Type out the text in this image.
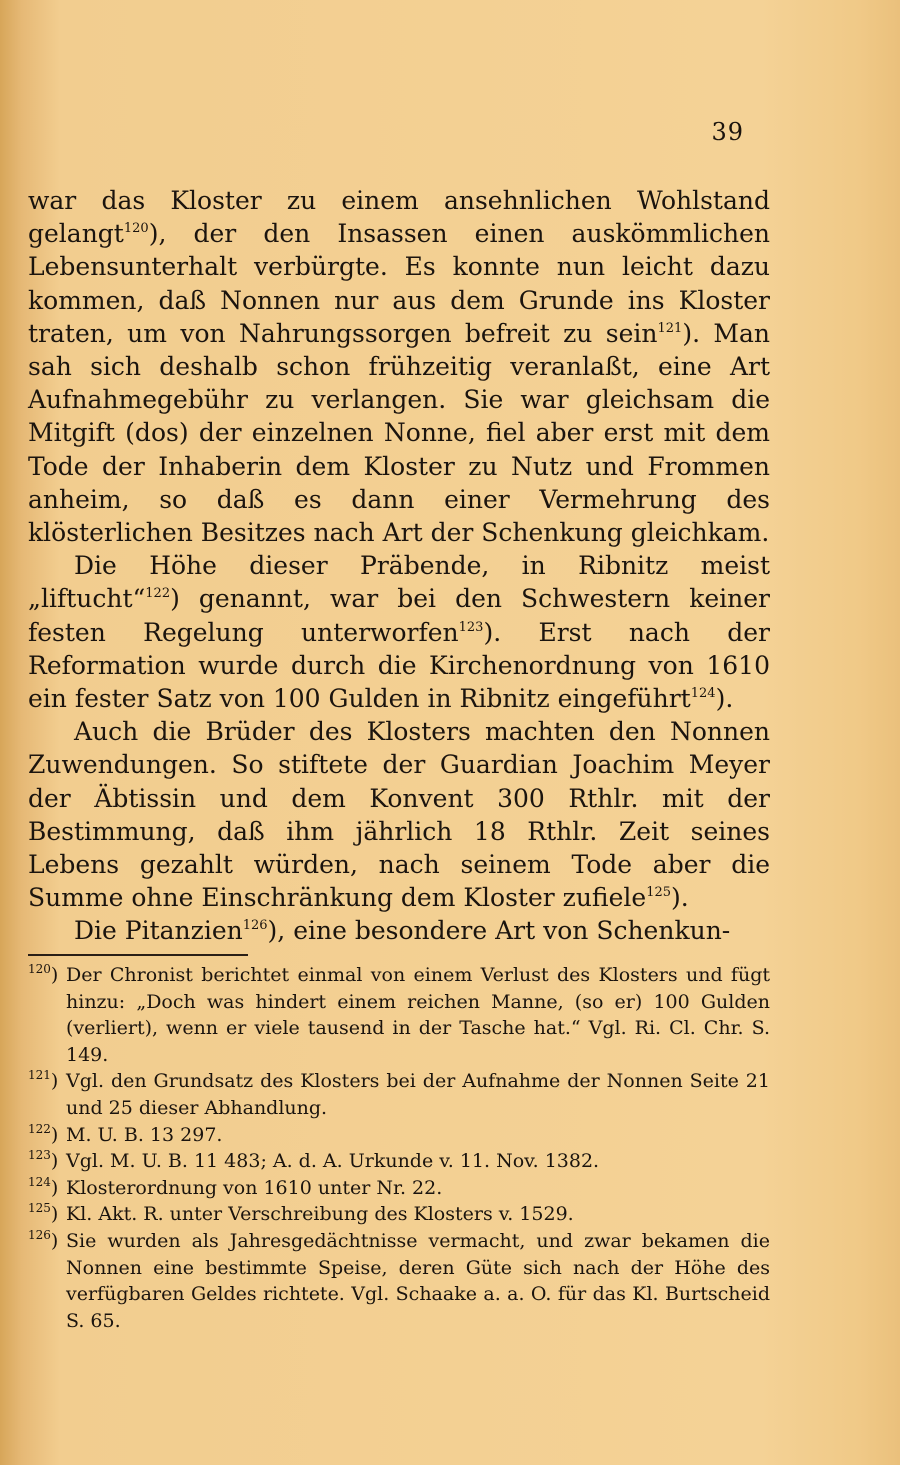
39

war das Kloster zu einem ansehnlichen Wohlstand gelangt$^{120}$), der den Insassen einen auskömmlichen Lebensunterhalt verbürgte. Es konnte nun leicht dazu kommen, daß Nonnen nur aus dem Grunde ins Kloster traten, um von Nahrungssorgen befreit zu sein$^{121}$). Man sah sich deshalb schon frühzeitig veranlaßt, eine Art Aufnahmegebühr zu verlangen. Sie war gleichsam die Mitgift (dos) der einzelnen Nonne, fiel aber erst mit dem Tode der Inhaberin dem Kloster zu Nutz und Frommen anheim, so daß es dann einer Vermehrung des klösterlichen Besitzes nach Art der Schenkung gleichkam.

Die Höhe dieser Präbende, in Ribnitz meist „liftucht“$^{122}$) genannt, war bei den Schwestern keiner festen Regelung unterworfen$^{123}$). Erst nach der Reformation wurde durch die Kirchenordnung von 1610 ein fester Satz von 100 Gulden in Ribnitz eingeführt$^{124}$).

Auch die Brüder des Klosters machten den Nonnen Zuwendungen. So stiftete der Guardian Joachim Meyer der Äbtissin und dem Konvent 300 Rthlr. mit der Bestimmung, daß ihm jährlich 18 Rthlr. Zeit seines Lebens gezahlt würden, nach seinem Tode aber die Summe ohne Einschränkung dem Kloster zufiele$^{125}$).

Die Pitanzien$^{126}$), eine besondere Art von Schenkun-

$^{120}$) Der Chronist berichtet einmal von einem Verlust des Klosters und fügt hinzu: „Doch was hindert einem reichen Manne, (so er) 100 Gulden (verliert), wenn er viele tausend in der Tasche hat.“ Vgl. Ri. Cl. Chr. S. 149.
$^{121}$) Vgl. den Grundsatz des Klosters bei der Aufnahme der Nonnen Seite 21 und 25 dieser Abhandlung.
$^{122}$) M. U. B. 13 297.
$^{123}$) Vgl. M. U. B. 11 483; A. d. A. Urkunde v. 11. Nov. 1382.
$^{124}$) Klosterordnung von 1610 unter Nr. 22.
$^{125}$) Kl. Akt. R. unter Verschreibung des Klosters v. 1529.
$^{126}$) Sie wurden als Jahresgedächtnisse vermacht, und zwar bekamen die Nonnen eine bestimmte Speise, deren Güte sich nach der Höhe des verfügbaren Geldes richtete. Vgl. Schaake a. a. O. für das Kl. Burtscheid S. 65.
